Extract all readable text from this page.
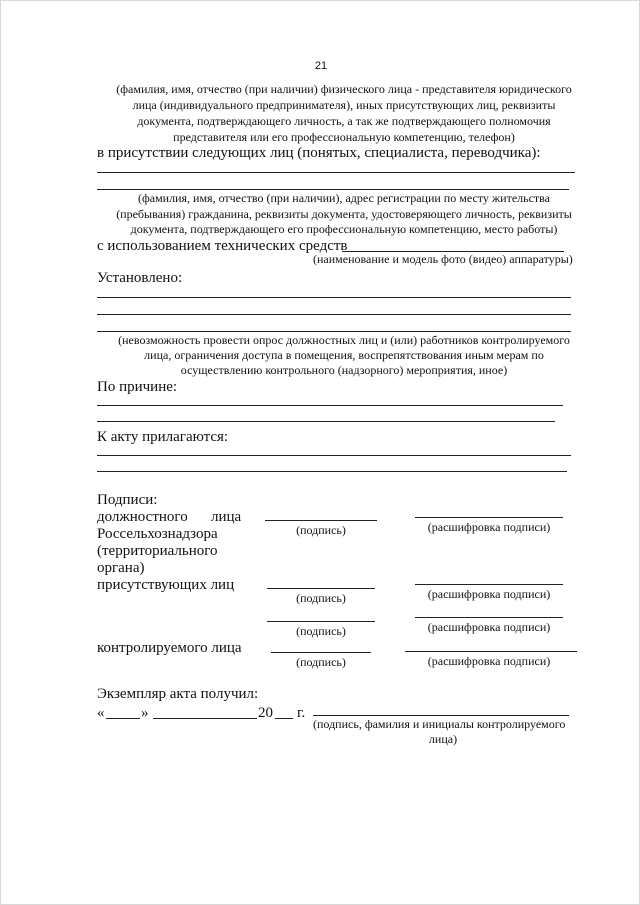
21
(фамилия, имя, отчество (при наличии) физического лица - представителя юридического
лица (индивидуального предпринимателя), иных присутствующих лиц, реквизиты
документа, подтверждающего личность, а так же подтверждающего полномочия
представителя или его профессиональную компетенцию, телефон)
в присутствии следующих лиц (понятых, специалиста, переводчика):
(фамилия, имя, отчество (при наличии), адрес регистрации по месту жительства
(пребывания) гражданина, реквизиты документа, удостоверяющего личность, реквизиты
документа, подтверждающего его профессиональную компетенцию, место работы)
с использованием технических средств
(наименование и модель фото (видео) аппаратуры)
Установлено:
(невозможность провести опрос должностных лиц и (или) работников контролируемого
лица, ограничения доступа в помещения, воспрепятствования иным мерам по
осуществлению контрольного (надзорного) мероприятия, иное)
По причине:
К акту прилагаются:
Подписи:
должностного лица
Россельхознадзора
(территориального
органа)
(подпись)	(расшифровка подписи)
присутствующих лиц
(подпись)	(расшифровка подписи)
(подпись)	(расшифровка подписи)
контролируемого лица
(подпись)	(расшифровка подписи)
Экземпляр акта получил:
« »	20 г.
(подпись, фамилия и инициалы контролируемого
лица)
